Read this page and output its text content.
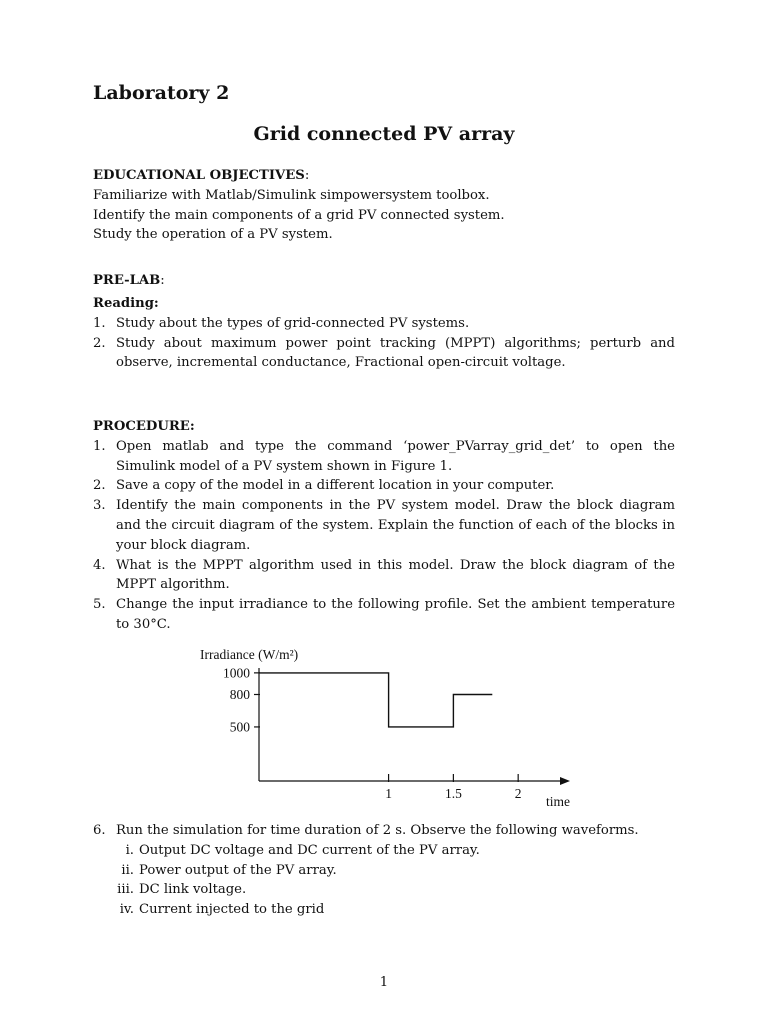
Laboratory 2
Grid connected PV array
EDUCATIONAL OBJECTIVES:
Familiarize with Matlab/Simulink simpowersystem toolbox.
Identify the main components of a grid PV connected system.
Study the operation of a PV system.
PRE-LAB:
Reading:
1. Study about the types of grid-connected PV systems.
2. Study about maximum power point tracking (MPPT) algorithms; perturb and observe, incremental conductance, Fractional open-circuit voltage.
PROCEDURE:
1. Open matlab and type the command ‘power_PVarray_grid_det’ to open the Simulink model of a PV system shown in Figure 1.
2. Save a copy of the model in a different location in your computer.
3. Identify the main components in the PV system model. Draw the block diagram and the circuit diagram of the system. Explain the function of each of the blocks in your block diagram.
4. What is the MPPT algorithm used in this model. Draw the block diagram of the MPPT algorithm.
5. Change the input irradiance to the following profile. Set the ambient temperature to 30°C.
Irradiance (W/m²)
500
800
1000
1	1.5	2
time
6. Run the simulation for time duration of 2 s. Observe the following waveforms.
i. Output DC voltage and DC current of the PV array.
ii. Power output of the PV array.
iii. DC link voltage.
iv. Current injected to the grid
1
